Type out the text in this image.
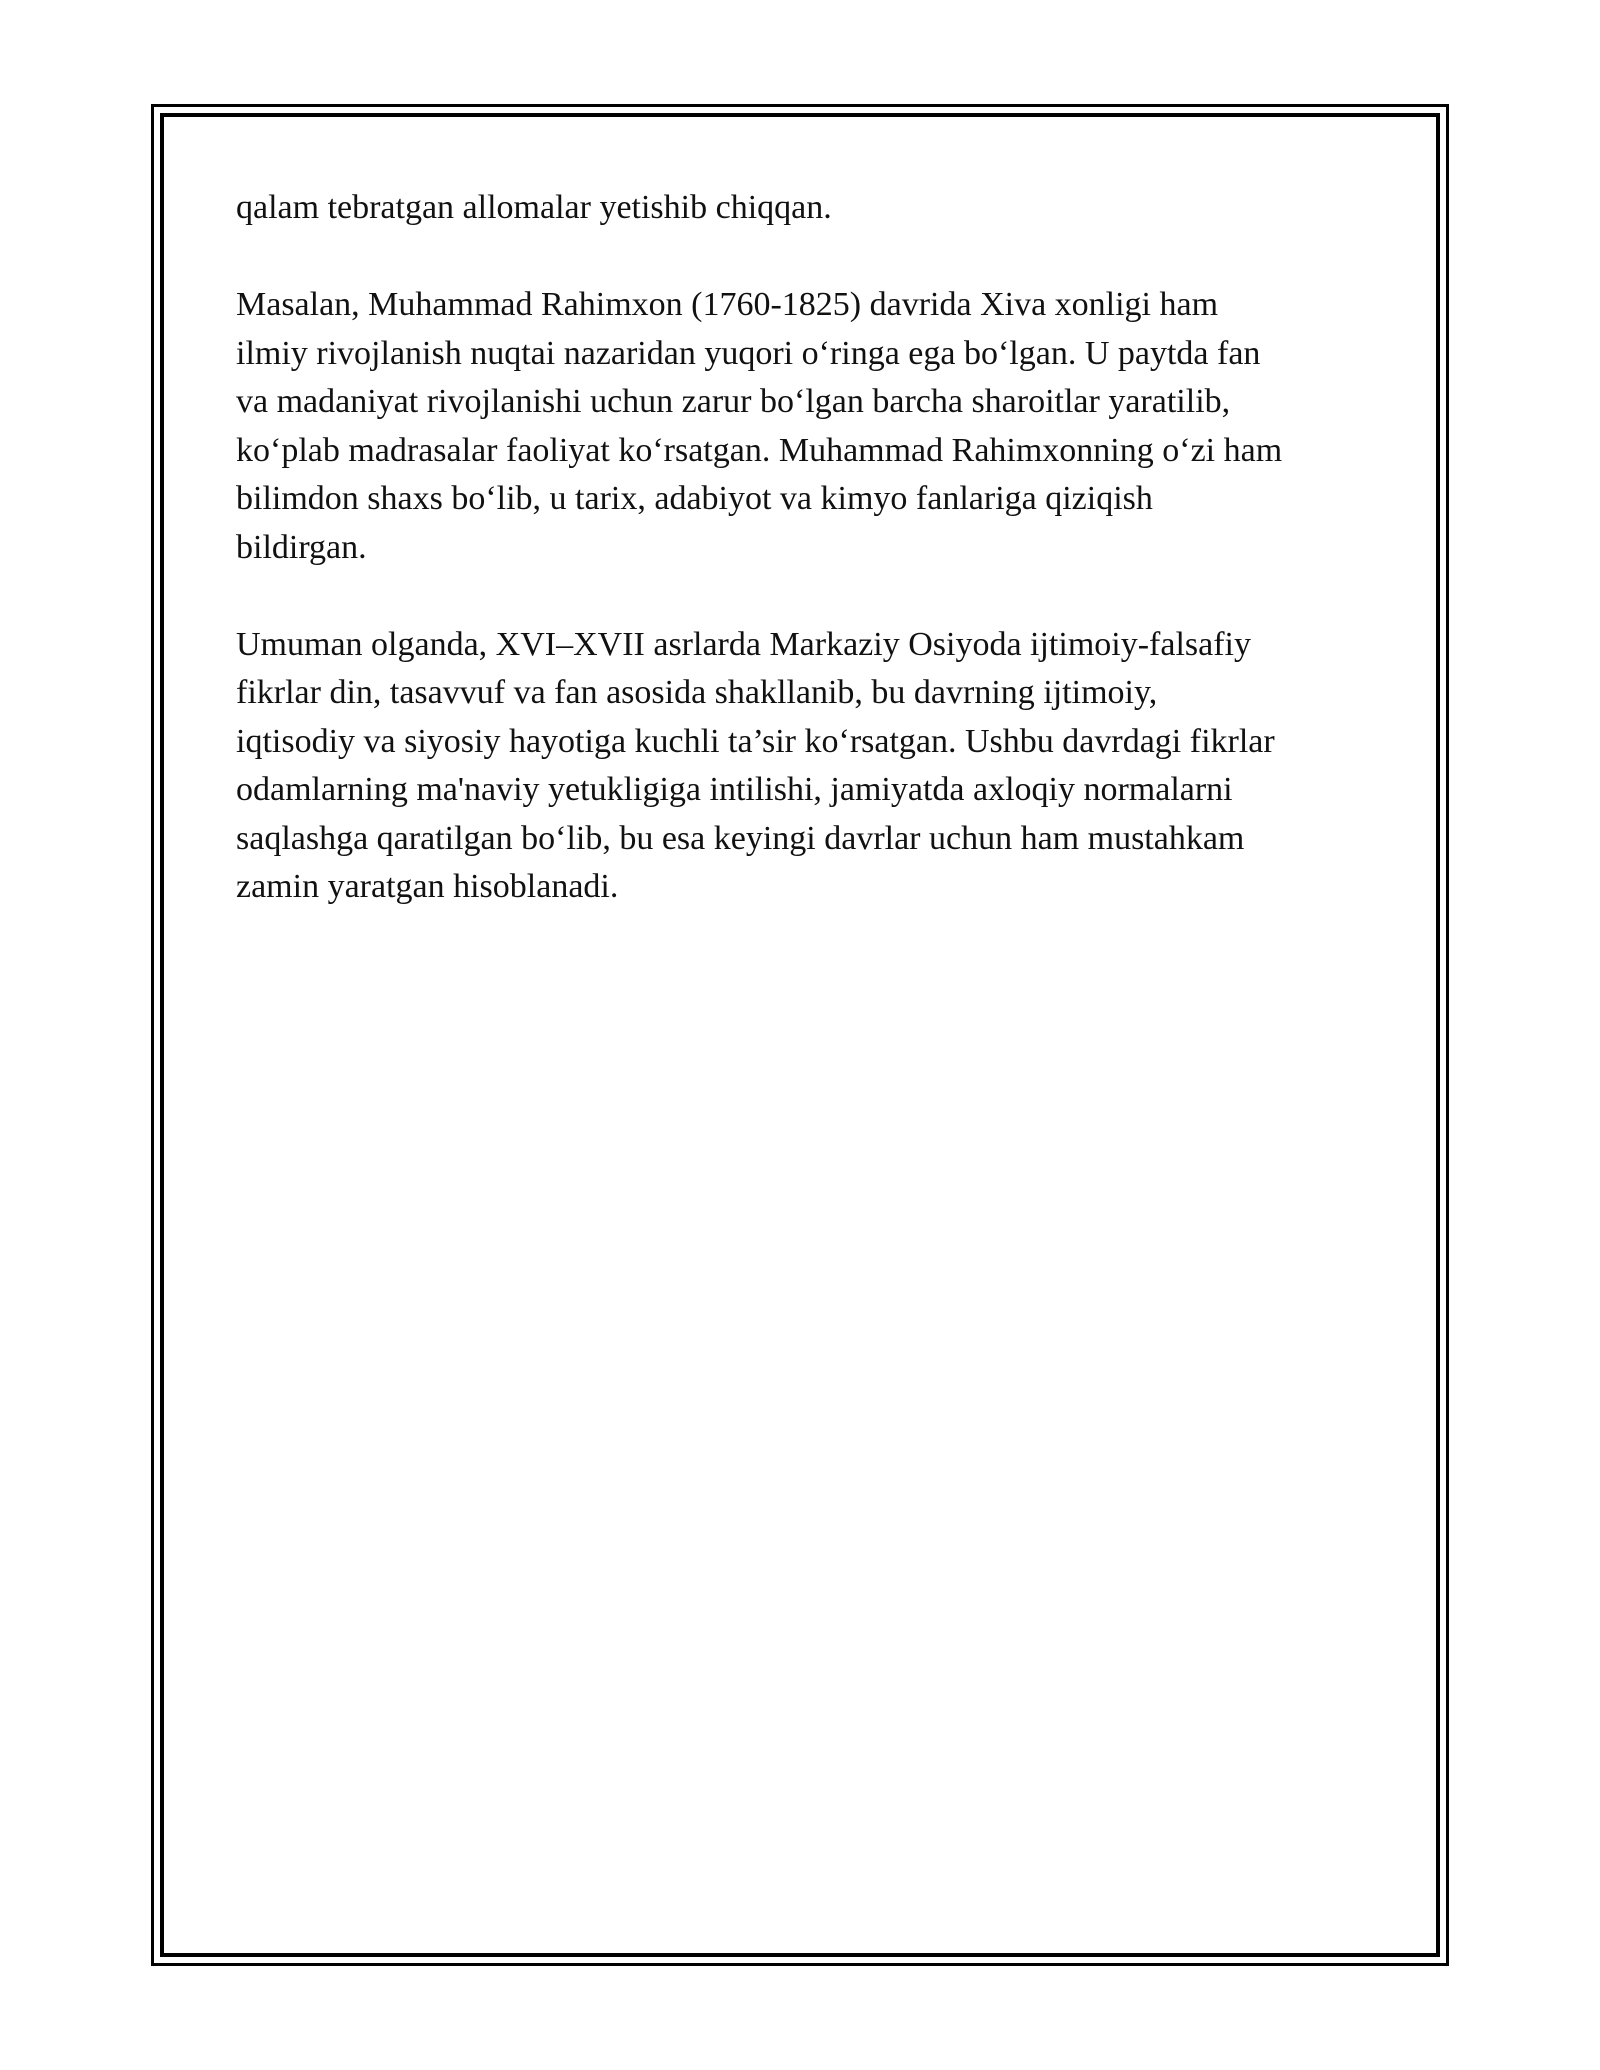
qalam tebratgan allomalar yetishib chiqqan.

Masalan, Muhammad Rahimxon (1760-1825) davrida Xiva xonligi ham
ilmiy rivojlanish nuqtai nazaridan yuqori o‘ringa ega bo‘lgan. U paytda fan
va madaniyat rivojlanishi uchun zarur bo‘lgan barcha sharoitlar yaratilib,
ko‘plab madrasalar faoliyat ko‘rsatgan. Muhammad Rahimxonning o‘zi ham
bilimdon shaxs bo‘lib, u tarix, adabiyot va kimyo fanlariga qiziqish
bildirgan.

Umuman olganda, XVI–XVII asrlarda Markaziy Osiyoda ijtimoiy-falsafiy
fikrlar din, tasavvuf va fan asosida shakllanib, bu davrning ijtimoiy,
iqtisodiy va siyosiy hayotiga kuchli ta’sir ko‘rsatgan. Ushbu davrdagi fikrlar
odamlarning ma'naviy yetukligiga intilishi, jamiyatda axloqiy normalarni
saqlashga qaratilgan bo‘lib, bu esa keyingi davrlar uchun ham mustahkam
zamin yaratgan hisoblanadi.
